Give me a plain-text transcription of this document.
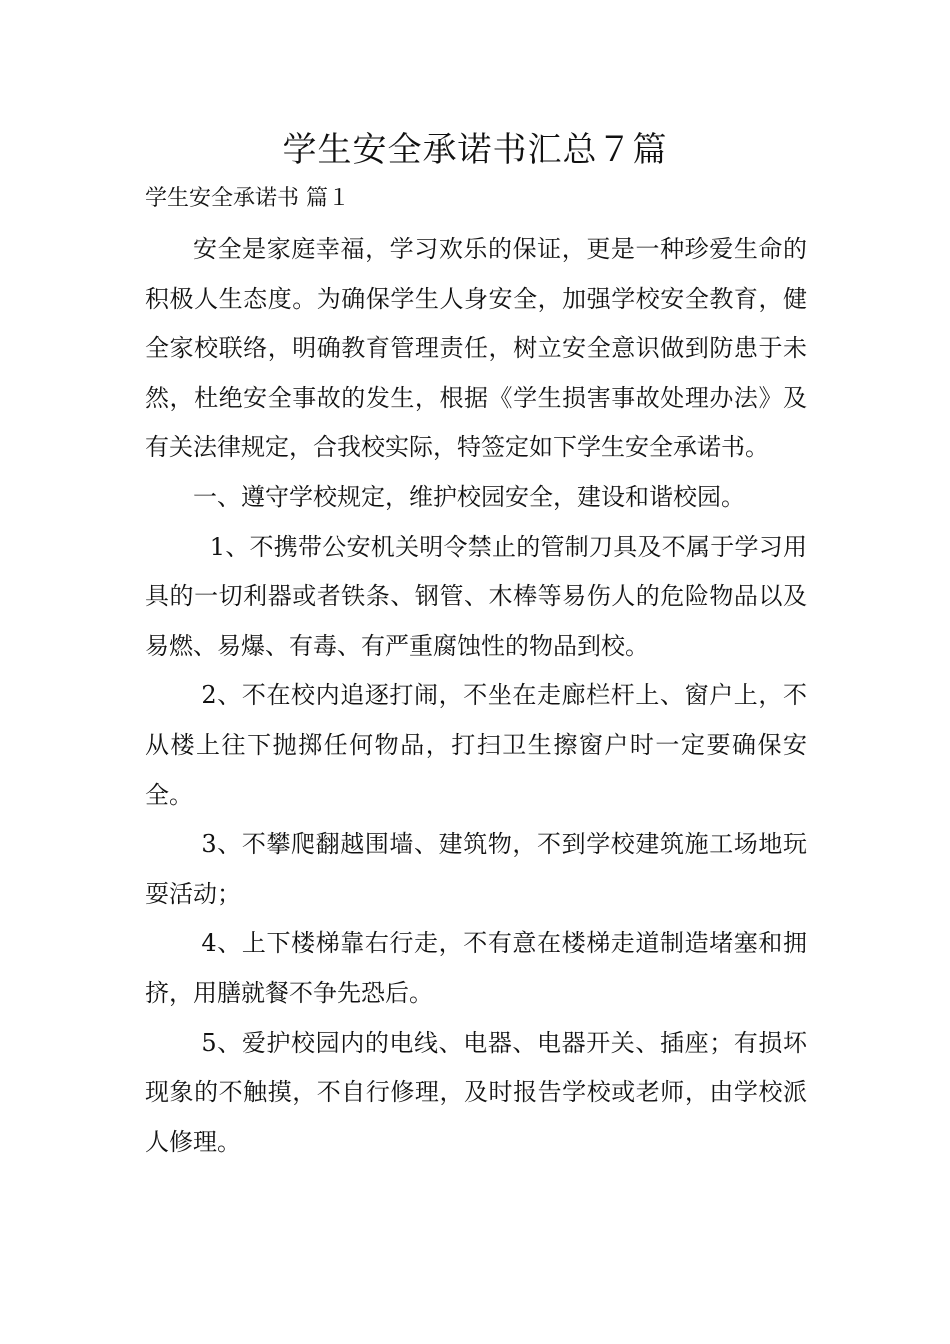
学生安全承诺书汇总７篇
学生安全承诺书 篇１

安全是家庭幸福，学习欢乐的保证，更是一种珍爱生命的积极人生态度。为确保学生人身安全，加强学校安全教育，健全家校联络，明确教育管理责任，树立安全意识做到防患于未然，杜绝安全事故的发生，根据《学生损害事故处理办法》及有关法律规定，合我校实际，特签定如下学生安全承诺书。

一、遵守学校规定，维护校园安全，建设和谐校园。

1、不携带公安机关明令禁止的管制刀具及不属于学习用具的一切利器或者铁条、钢管、木棒等易伤人的危险物品以及易燃、易爆、有毒、有严重腐蚀性的物品到校。

2、不在校内追逐打闹，不坐在走廊栏杆上、窗户上，不从楼上往下抛掷任何物品，打扫卫生擦窗户时一定要确保安全。

3、不攀爬翻越围墙、建筑物，不到学校建筑施工场地玩耍活动；

4、上下楼梯靠右行走，不有意在楼梯走道制造堵塞和拥挤，用膳就餐不争先恐后。

5、爱护校园内的电线、电器、电器开关、插座；有损坏现象的不触摸，不自行修理，及时报告学校或老师，由学校派人修理。
